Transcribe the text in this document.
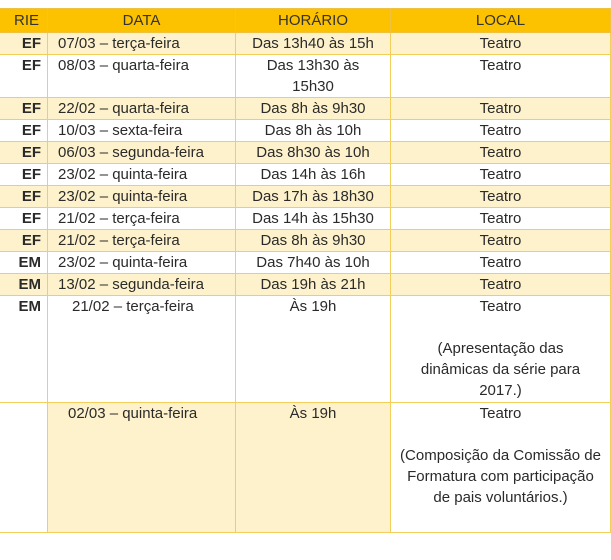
RIE	DATA	HORÁRIO	LOCAL
EF	07/03 – terça-feira	Das 13h40 às 15h	Teatro
EF	08/03 – quarta-feira	Das 13h30 às 15h30	Teatro
EF	22/02 – quarta-feira	Das 8h às 9h30	Teatro
EF	10/03 – sexta-feira	Das 8h às 10h	Teatro
EF	06/03 – segunda-feira	Das 8h30 às 10h	Teatro
EF	23/02 – quinta-feira	Das 14h às 16h	Teatro
EF	23/02 – quinta-feira	Das 17h às 18h30	Teatro
EF	21/02 – terça-feira	Das 14h às 15h30	Teatro
EF	21/02 – terça-feira	Das 8h às 9h30	Teatro
EM	23/02 – quinta-feira	Das 7h40 às 10h	Teatro
EM	13/02 – segunda-feira	Das 19h às 21h	Teatro
EM	21/02 – terça-feira	Às 19h	Teatro
(Apresentação das dinâmicas da série para 2017.)

	02/03 – quinta-feira	Às 19h	Teatro
(Composição da Comissão de Formatura com participação de pais voluntários.)
